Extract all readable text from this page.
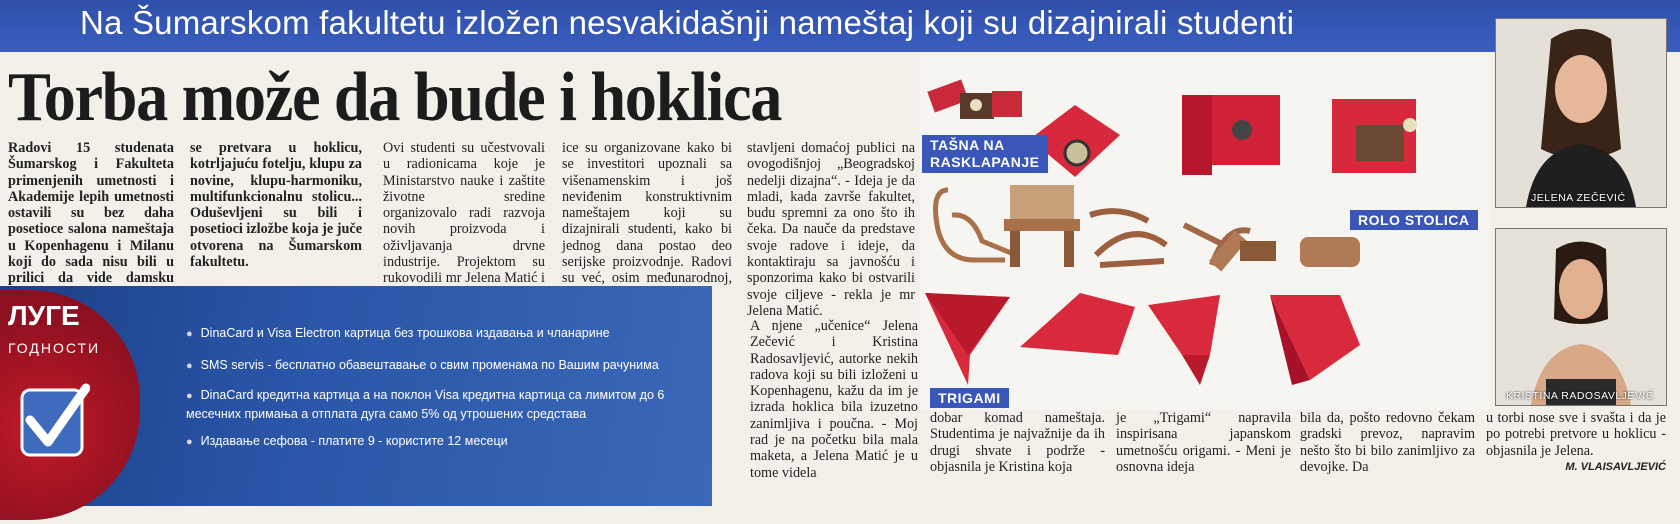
Na Šumarskom fakultetu izložen nesvakidašnji nameštaj koji su dizajnirali studenti
Torba može da bude i hoklica
Radovi 15 studenata Šumarskog i Fakulteta primenjenih umetnosti i Akademije lepih umetnosti ostavili su bez daha posetioce salona nameštaja u Kopenhagenu i Milanu koji do sada nisu bili u prilici da vide damsku
se pretvara u hoklicu, kotrljajuću fotelju, klupu za novine, klupu-harmoniku, multifunkcionalnu stolicu... Oduševljeni su bili i posetioci izložbe koja je juče otvorena na Šumarskom fakultetu.
Ovi studenti su učestvovali u radionicama koje je Ministarstvo nauke i zaštite životne sredine organizovalo radi razvoja novih proizvoda i oživljavanja drvne industrije. Projektom su rukovodili mr Jelena Matić i
ice su organizovane kako bi se investitori upoznali sa višenamenskim i još neviđenim konstruktivnim nameštajem koji su dizajnirali studenti, kako bi jednog dana postao deo serijske proizvodnje. Radovi su već, osim međunarodnoj,
stavljeni domaćoj publici na ovogodišnjoj „Beogradskoj nedelji dizajna“. - Ideja je da mladi, kada završe fakultet, budu spremni za ono što ih čeka. Da nauče da predstave svoje radove i ideje, da kontaktiraju sa javnošću i sponzorima kako bi ostvarili svoje ciljeve - rekla je mr Jelena Matić.
A njene „učenice“ Jelena Zečević i Kristina Radosavljević, autorke nekih radova koji su bili izloženi u Kopenhagenu, kažu da im je izrada hoklica bila izuzetno zanimljiva i poučna. - Moj rad je na početku bila mala maketa, a Jelena Matić je u tome videla
dobar komad nameštaja. Studentima je najvažnije da ih drugi shvate i podrže - objasnila je Kristina koja
je „Trigami“ napravila inspirisana japanskom umetnošću origami. - Meni je osnovna ideja
bila da, pošto redovno čekam gradski prevoz, napravim nešto što bi bilo zanimljivo za devojke. Da
u torbi nose sve i svašta i da je po potrebi pretvore u hoklicu - objasnila je Jelena.
M. VLAISAVLJEVIĆ
ЛУГЕ
ГОДНОСТИ
● DinaCard и Visa Electron картица без трошкова издавања и чланарине
● SMS servis - бесплатно обавештавање о свим променама по Вашим рачунима
● DinaCard кредитна картица а на поклон Visa кредитна картица са лимитом до 6 месечних примања а отплата дуга само 5% од утрошених средстава
● Издавање сефова - платите 9 - користите 12 месеци
TAŠNA NA RASKLAPANJE
ROLO STOLICA
TRIGAMI
JELENA ZEČEVIĆ
KRISTINA RADOSAVLJEVIĆ
